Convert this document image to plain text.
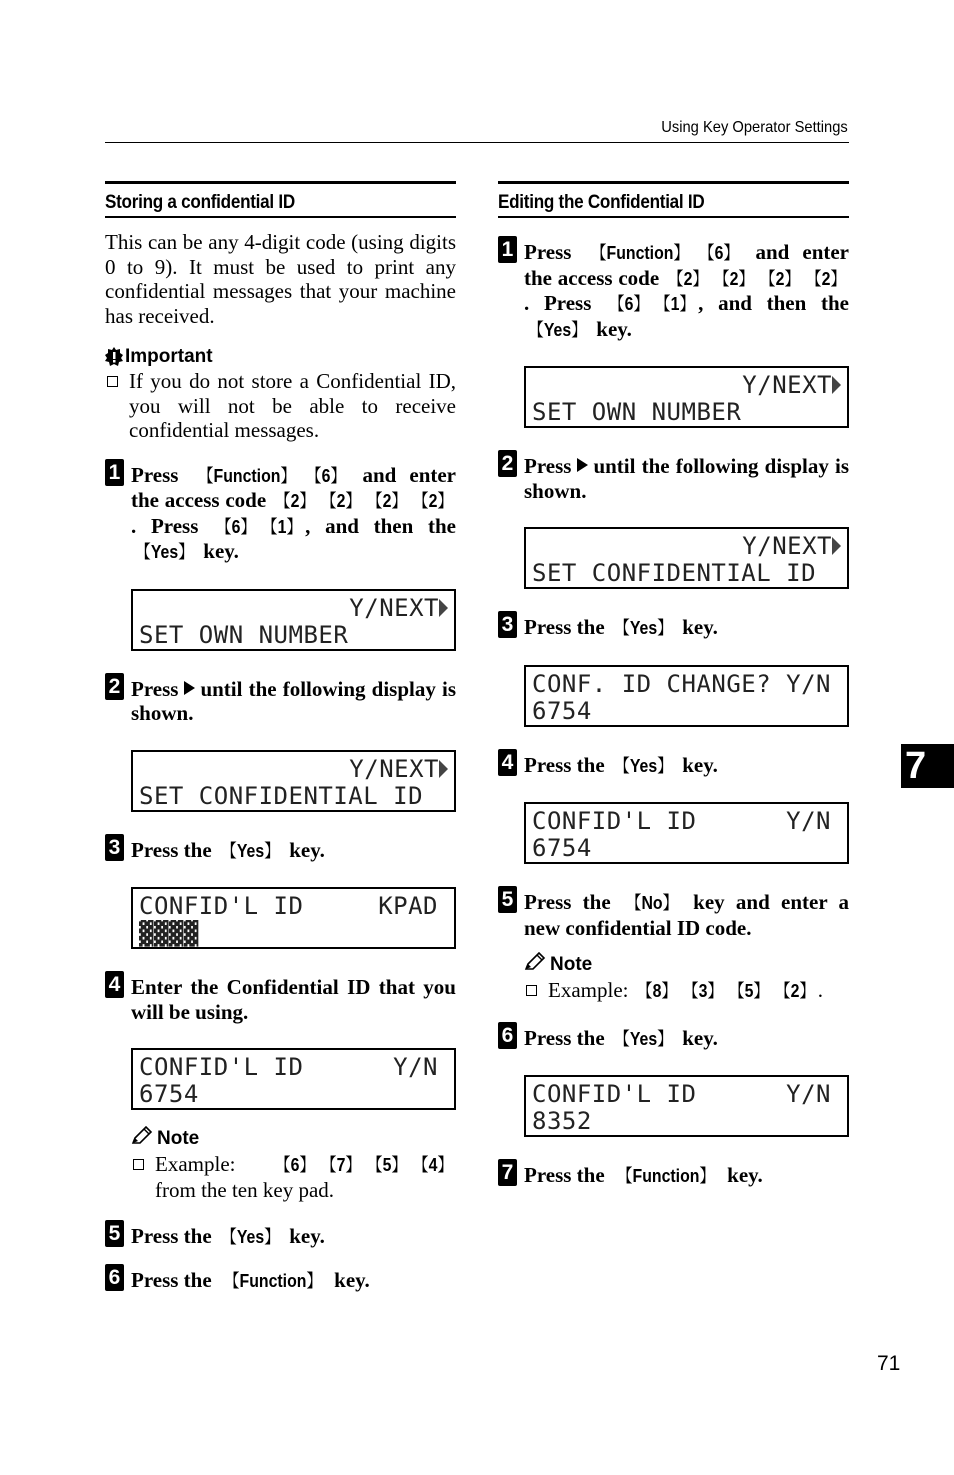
Using Key Operator Settings
Storing a confidential ID
This can be any 4-digit code (using digits 0 to 9). It must be used to print any confidential messages that your machine has received.
Important
If you do not store a Confidential ID, you will not be able to receive confidential messages.
1 Press 【 Function 】 【 6 】 and enter the access code 【 2 】 【 2 】 【 2 】 【 2 】. Press 【 6 】 【 1 】 , and then the 【 Yes 】 key.
Y/NEXT
SET OWN NUMBER
2 Press until the following display is shown.
Y/NEXT
SET CONFIDENTIAL ID
3 Press the 【 Yes 】 key.
CONFID'L ID     KPAD
▓▓▓▓
4 Enter the Confidential ID that you will be using.
CONFID'L ID      Y/N
6754
Note
Example: 【 6 】 【 7 】 【 5 】 【 4 】 from the ten key pad.
5 Press the 【 Yes 】 key.
6 Press the 【 Function 】 key.
Editing the Confidential ID
1 Press 【 Function 】 【 6 】 and enter the access code 【 2 】 【 2 】 【 2 】 【 2 】. Press 【 6 】 【 1 】 , and then the 【 Yes 】 key.
Y/NEXT
SET OWN NUMBER
2 Press until the following display is shown.
Y/NEXT
SET CONFIDENTIAL ID
3 Press the 【 Yes 】 key.
CONF. ID CHANGE? Y/N
6754
4 Press the 【 Yes 】 key.
CONFID'L ID      Y/N
6754
5 Press the 【 No 】 key and enter a new confidential ID code.
Note
Example: 【 8 】 【 3 】 【 5 】 【 2 】 .
6 Press the 【 Yes 】 key.
CONFID'L ID      Y/N
8352
7 Press the 【 Function 】 key.
7
71
